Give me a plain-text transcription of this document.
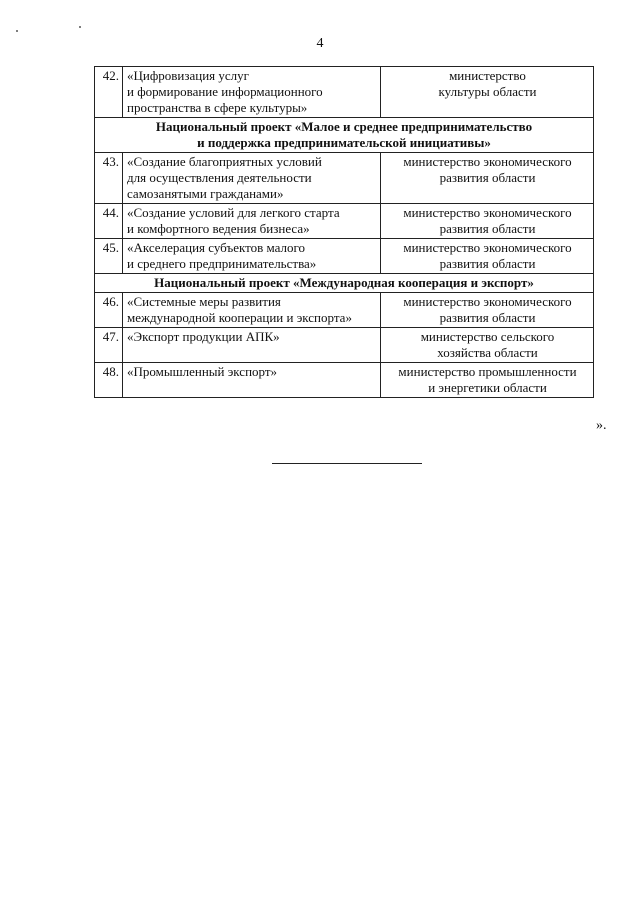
4
42.	«Цифровизация услуг
и формирование информационного
пространства в сфере культуры»	министерство
культуры области

Национальный проект «Малое и среднее предпринимательство
и поддержка предпринимательской инициативы»		

43.	«Создание благоприятных условий
для осуществления деятельности
самозанятыми гражданами»	министерство экономического
развития области

44.	«Создание условий для легкого старта
и комфортного ведения бизнеса»	министерство экономического
развития области

45.	«Акселерация субъектов малого
и среднего предпринимательства»	министерство экономического
развития области

Национальный проект «Международная кооперация и экспорт»		

46.	«Системные меры развития
международной кооперации и экспорта»	министерство экономического
развития области

47.	«Экспорт продукции АПК»	министерство сельского
хозяйства области

48.	«Промышленный экспорт»	министерство промышленности
и энергетики области
».
